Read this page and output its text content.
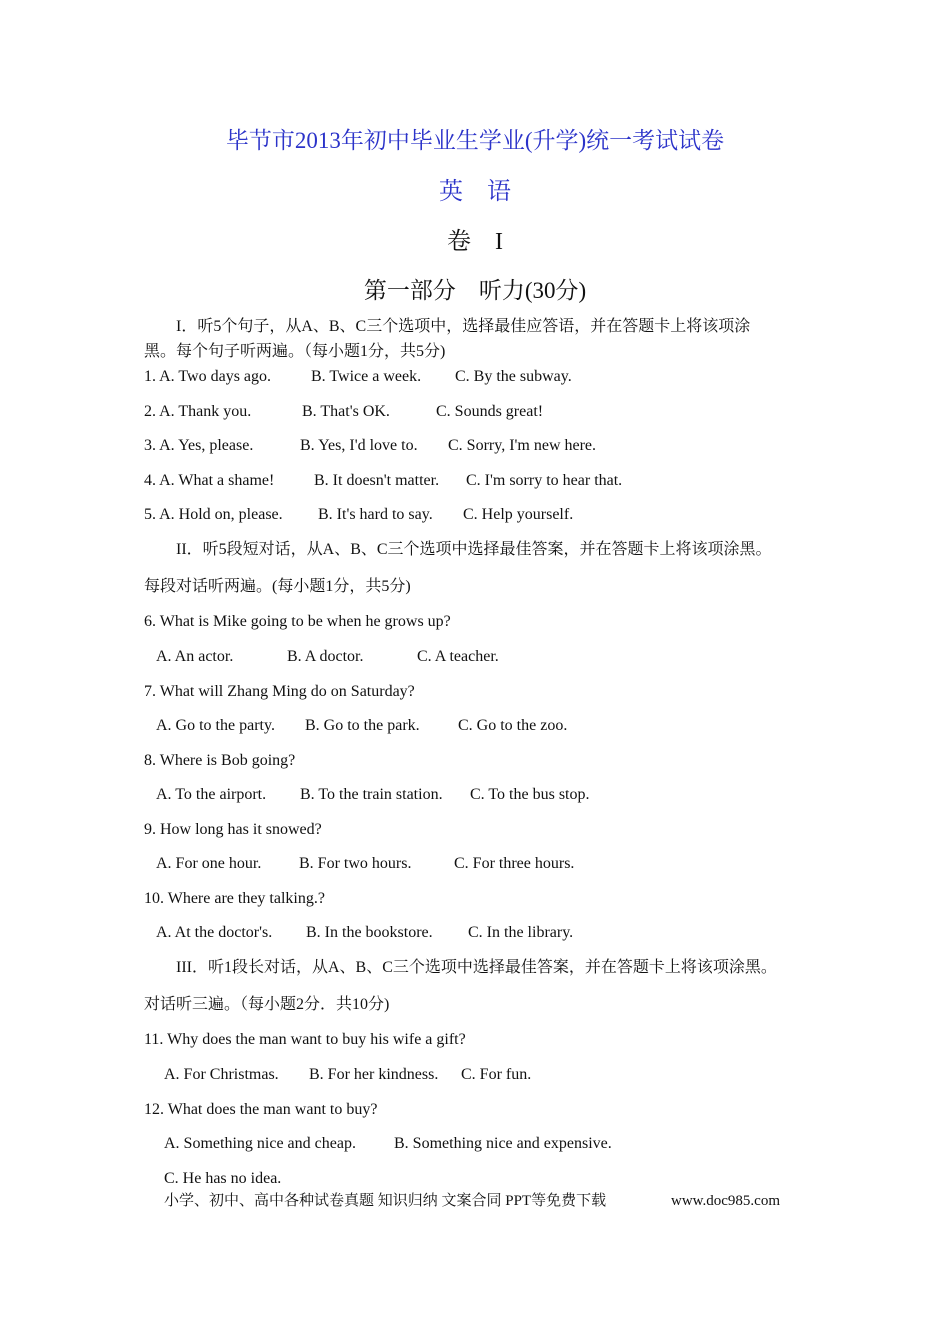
毕节市2013年初中毕业生学业(升学)统一考试试卷
英　语
卷　I
第一部分　听力(30分)
I．听5个句子，从A、B、C三个选项中，选择最佳应答语，并在答题卡上将该项涂
黑。每个句子听两遍。（每小题1分，共5分)
1. A. Two days ago. B. Twice a week. C. By the subway.
2. A. Thank you.	B. That's OK.	C. Sounds great!
3. A. Yes, please.	B. Yes, I'd love to. C. Sorry, I'm new here.
4. A. What a shame! B. It doesn't matter. C. I'm sorry to hear that.
5. A. Hold on, please. B. It's hard to say. C. Help yourself.
II．听5段短对话，从A、B、C三个选项中选择最佳答案，并在答题卡上将该项涂黑。
每段对话听两遍。(每小题1分，共5分)
6. What is Mike going to be when he grows up?
A. An actor.	B. A doctor.	C. A teacher.
7. What will Zhang Ming do on Saturday?
A. Go to the party. B. Go to the park. C. Go to the zoo.
8. Where is Bob going?
A. To the airport. B. To the train station. C. To the bus stop.
9. How long has it snowed?
A. For one hour. B. For two hours.	C. For three hours.
10. Where are they talking.?
A. At the doctor's. B. In the bookstore. C. In the library.
III．听1段长对话，从A、B、C三个选项中选择最佳答案，并在答题卡上将该项涂黑。
对话听三遍。（每小题2分．共10分)
11. Why does the man want to buy his wife a gift?
A. For Christmas. B. For her kindness. C. For fun.
12. What does the man want to buy?
A. Something nice and cheap. B. Something nice and expensive.
C. He has no idea.
小学、初中、高中各种试卷真题 知识归纳 文案合同 PPT等免费下载	www.doc985.com
